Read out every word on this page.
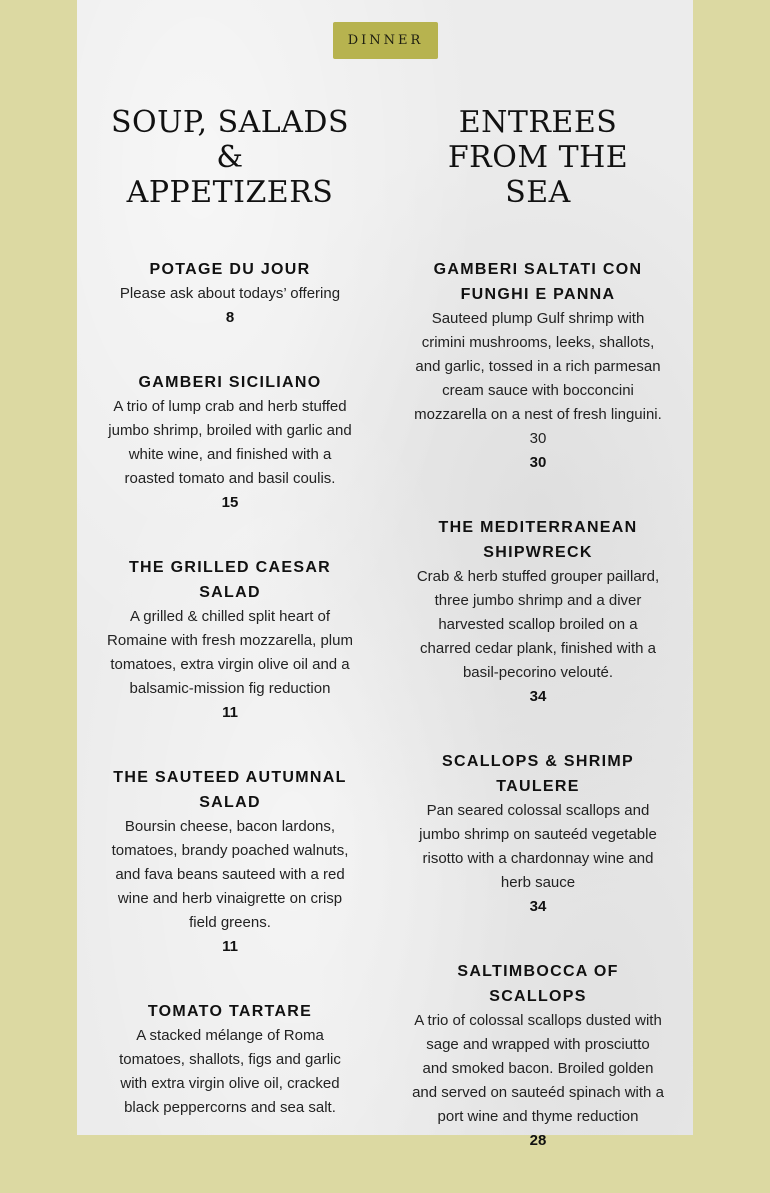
DINNER
SOUP, SALADS &
APPETIZERS
POTAGE DU JOUR
Please ask about todays’ offering
8
GAMBERI SICILIANO
A trio of lump crab and herb stuffed jumbo shrimp, broiled with garlic and white wine, and finished with a roasted tomato and basil coulis.
15
THE GRILLED CAESAR SALAD
A grilled & chilled split heart of Romaine with fresh mozzarella, plum tomatoes, extra virgin olive oil and a balsamic-mission fig reduction
11
THE SAUTEED AUTUMNAL SALAD
Boursin cheese, bacon lardons, tomatoes, brandy poached walnuts, and fava beans sauteed with a red wine and herb vinaigrette on crisp field greens.
11
TOMATO TARTARE
A stacked mélange of Roma tomatoes, shallots, figs and garlic with extra virgin olive oil, cracked black peppercorns and sea salt.
ENTREES
FROM THE SEA
GAMBERI SALTATI CON FUNGHI E PANNA
Sauteed plump Gulf shrimp with crimini mushrooms, leeks, shallots, and garlic, tossed in a rich parmesan cream sauce with bocconcini mozzarella on a nest of fresh linguini. 30
30
THE MEDITERRANEAN SHIPWRECK
Crab & herb stuffed grouper paillard, three jumbo shrimp and a diver harvested scallop broiled on a charred cedar plank, finished with a basil-pecorino velouté.
34
SCALLOPS & SHRIMP TAULERE
Pan seared colossal scallops and jumbo shrimp on sauteéd vegetable risotto with a chardonnay wine and herb sauce
34
SALTIMBOCCA OF SCALLOPS
A trio of colossal scallops dusted with sage and wrapped with prosciutto and smoked bacon. Broiled golden and served on sauteéd spinach with a port wine and thyme reduction
28
